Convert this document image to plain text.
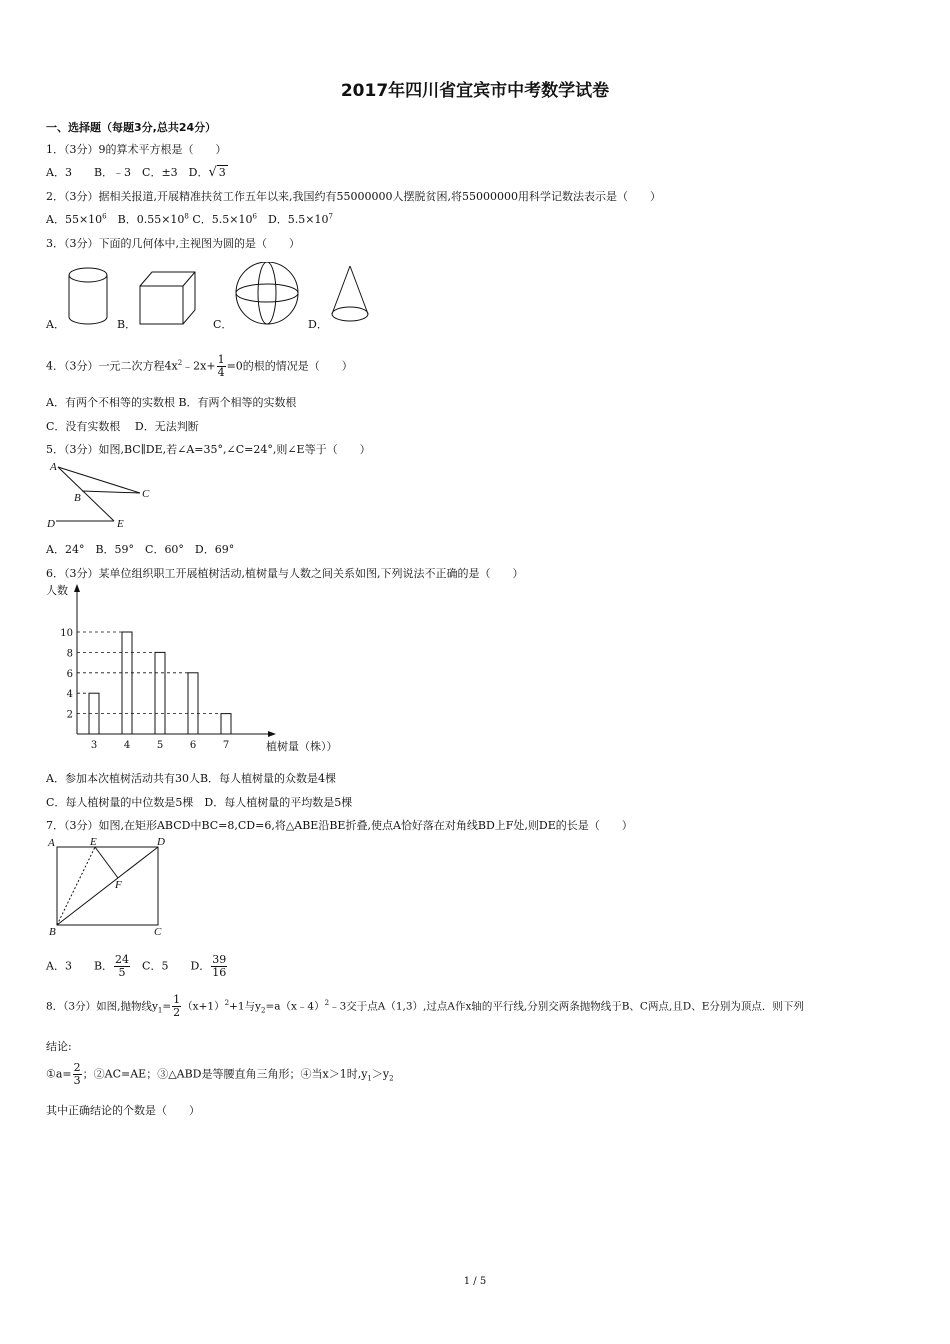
2017年四川省宜宾市中考数学试卷
一、选择题（每题3分,总共24分）
1．（3分）9的算术平方根是（　　）
A．3　　B．﹣3　C．±3　D．√ 3
2．（3分）据相关报道,开展精准扶贫工作五年以来,我国约有55000000人摆脱贫困,将55000000用科学记数法表示是（　　）
A．$55\times 10^6$　B．$0.55\times 10^8$ C．$5.5\times 10^6$　D．$5.5\times 10^7$
3．（3分）下面的几何体中,主视图为圆的是（　　）
A．	B．	C．	D．
4．（3分）一元二次方程$4x^2﹣2x+ \frac{1}{4} =0$的根的情况是（　　）
A．有两个不相等的实数根 B．有两个相等的实数根
C．没有实数根　 D．无法判断
5．（3分）如图,BC∥DE,若∠A=35°,∠C=24°,则∠E等于（　　）
A
B	C
D	E
A．24°　B．59°　C．60°　D．69°
6．（3分）某单位组织职工开展植树活动,植树量与人数之间关系如图,下列说法不正确的是（　　）
人数
植树量（株））
3	4	5	6	7
2
4
6
8
10
A．参加本次植树活动共有30人B．每人植树量的众数是4棵
C．每人植树量的中位数是5棵　D．每人植树量的平均数是5棵
7．（3分）如图,在矩形ABCD中BC=8,CD=6,将△ABE沿BE折叠,使点A恰好落在对角线BD上F处,则DE的长是（　　）
A	E	D
F
B	C
A．3　　B． $\frac{24}{5}$
　 C．5　　D． $\frac{39}{16}$
8．（3分）如图,抛物线$y_1= \frac{1}{2} (x+1)^2+1$与$y_2=a(x﹣4)^2﹣3$交于点A（1,3）,过点A作x轴的平行线,分别交两条抛物线于B、C两点,且D、E分别为顶点．则下列
结论:
①a= $\frac{2}{3}$ ；②AC=AE；③△ABD是等腰直角三角形；④当x＞1时$,y_1>y_2$
其中正确结论的个数是（　　）
1 / 5
